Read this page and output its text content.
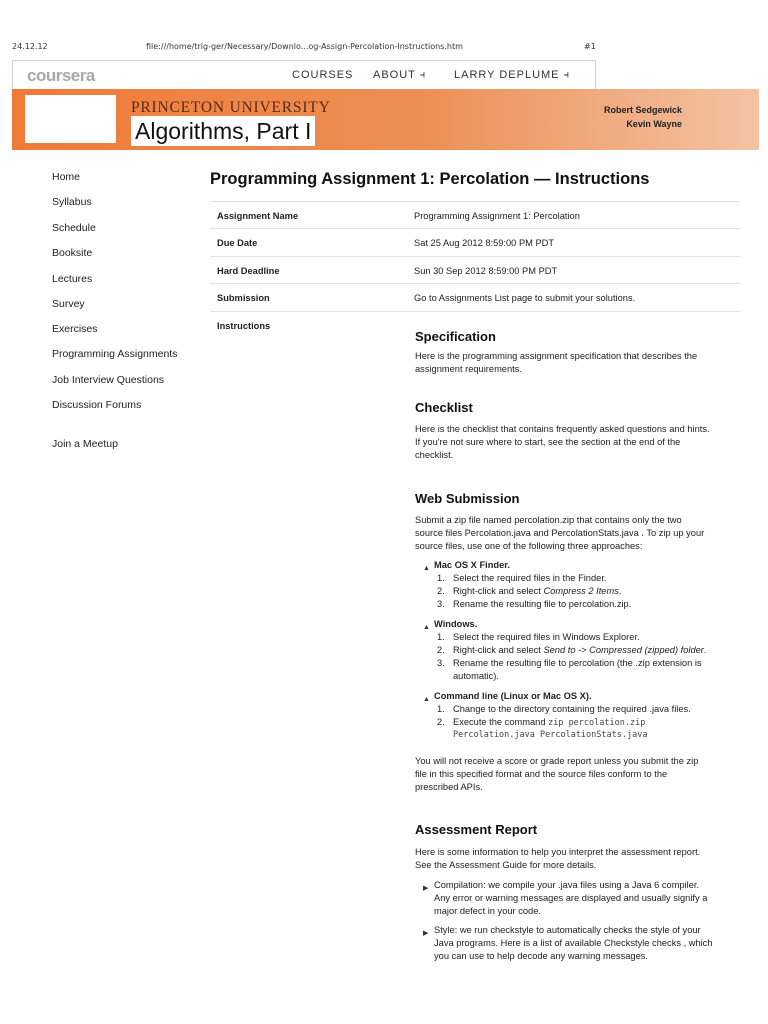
24.12.12	file:///home/trig-ger/Necessary/Downlo...og-Assign-Percolation-Instructions.htm	#1
coursera	COURSES ABOUT ⫞	LARRY DEPLUME ⫞
PRINCETON UNIVERSITY
Algorithms, Part I
Robert Sedgewick
Kevin Wayne
Home
Syllabus
Schedule
Booksite
Lectures
Survey
Exercises
Programming Assignments
Job Interview Questions
Discussion Forums
Join a Meetup
Programming Assignment 1: Percolation — Instructions
Assignment Name	Programming Assignment 1: Percolation
Due Date	Sat 25 Aug 2012 8:59:00 PM PDT
Hard Deadline	Sun 30 Sep 2012 8:59:00 PM PDT
Submission	Go to Assignments List page to submit your solutions.
Instructions
Specification
Here is the programming assignment specification that describes the
assignment requirements.
Checklist
Here is the checklist that contains frequently asked questions and hints.
If you're not sure where to start, see the section at the end of the
checklist.
Web Submission
Submit a zip file named percolation.zip that contains only the two
source files Percolation.java and PercolationStats.java . To zip up your
source files, use one of the following three approaches:
▲ Mac OS X Finder.
1. Select the required files in the Finder.
2. Right-click and select Compress 2 Items.
3. Rename the resulting file to percolation.zip.
▲ Windows.
1. Select the required files in Windows Explorer.
2. Right-click and select Send to -> Compressed (zipped) folder.
3. Rename the resulting file to percolation (the .zip extension is
automatic).
▲ Command line (Linux or Mac OS X).
1. Change to the directory containing the required .java files.
2. Execute the command zip percolation.zip
Percolation.java PercolationStats.java
You will not receive a score or grade report unless you submit the zip
file in this specified format and the source files conform to the
prescribed APIs.
Assessment Report
Here is some information to help you interpret the assessment report.
See the Assessment Guide for more details.
▶ Compilation: we compile your .java files using a Java 6 compiler.
Any error or warning messages are displayed and usually signify a
major defect in your code.
▶ Style: we run checkstyle to automatically checks the style of your
Java programs. Here is a list of available Checkstyle checks , which
you can use to help decode any warning messages.
